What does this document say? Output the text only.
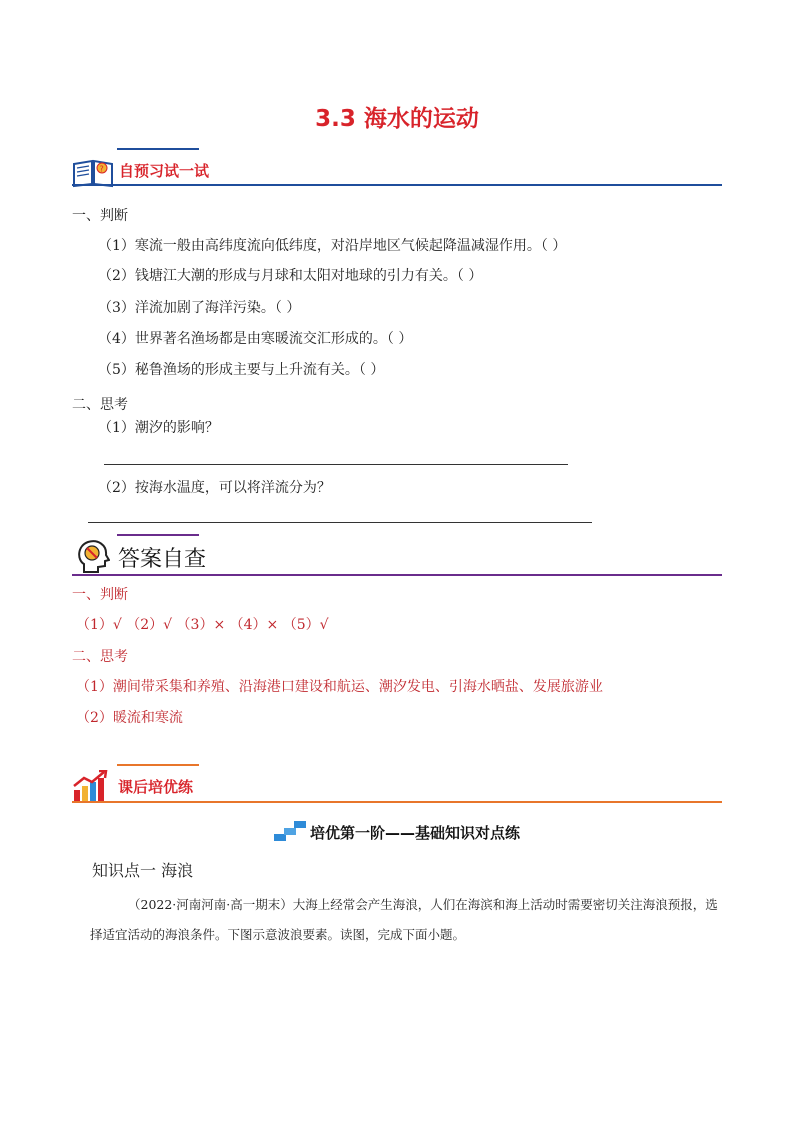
3.3 海水的运动
? 自预习试一试
一、判断
（1）寒流一般由高纬度流向低纬度，对沿岸地区气候起降温减湿作用。（ ）
（2）钱塘江大潮的形成与月球和太阳对地球的引力有关。（ ）
（3）洋流加剧了海洋污染。（ ）
（4）世界著名渔场都是由寒暖流交汇形成的。（ ）
（5）秘鲁渔场的形成主要与上升流有关。（ ）
二、思考
（1）潮汐的影响？
（2）按海水温度，可以将洋流分为？
答案自查
一、判断
（1）√ （2）√ （3）× （4）× （5）√
二、思考
（1）潮间带采集和养殖、沿海港口建设和航运、潮汐发电、引海水晒盐、发展旅游业
（2）暖流和寒流
课后培优练
培优第一阶——基础知识对点练
知识点一 海浪
（2022·河南河南·高一期末）大海上经常会产生海浪，人们在海滨和海上活动时需要密切关注海浪预报，选择适宜活动的海浪条件。下图示意波浪要素。读图，完成下面小题。
